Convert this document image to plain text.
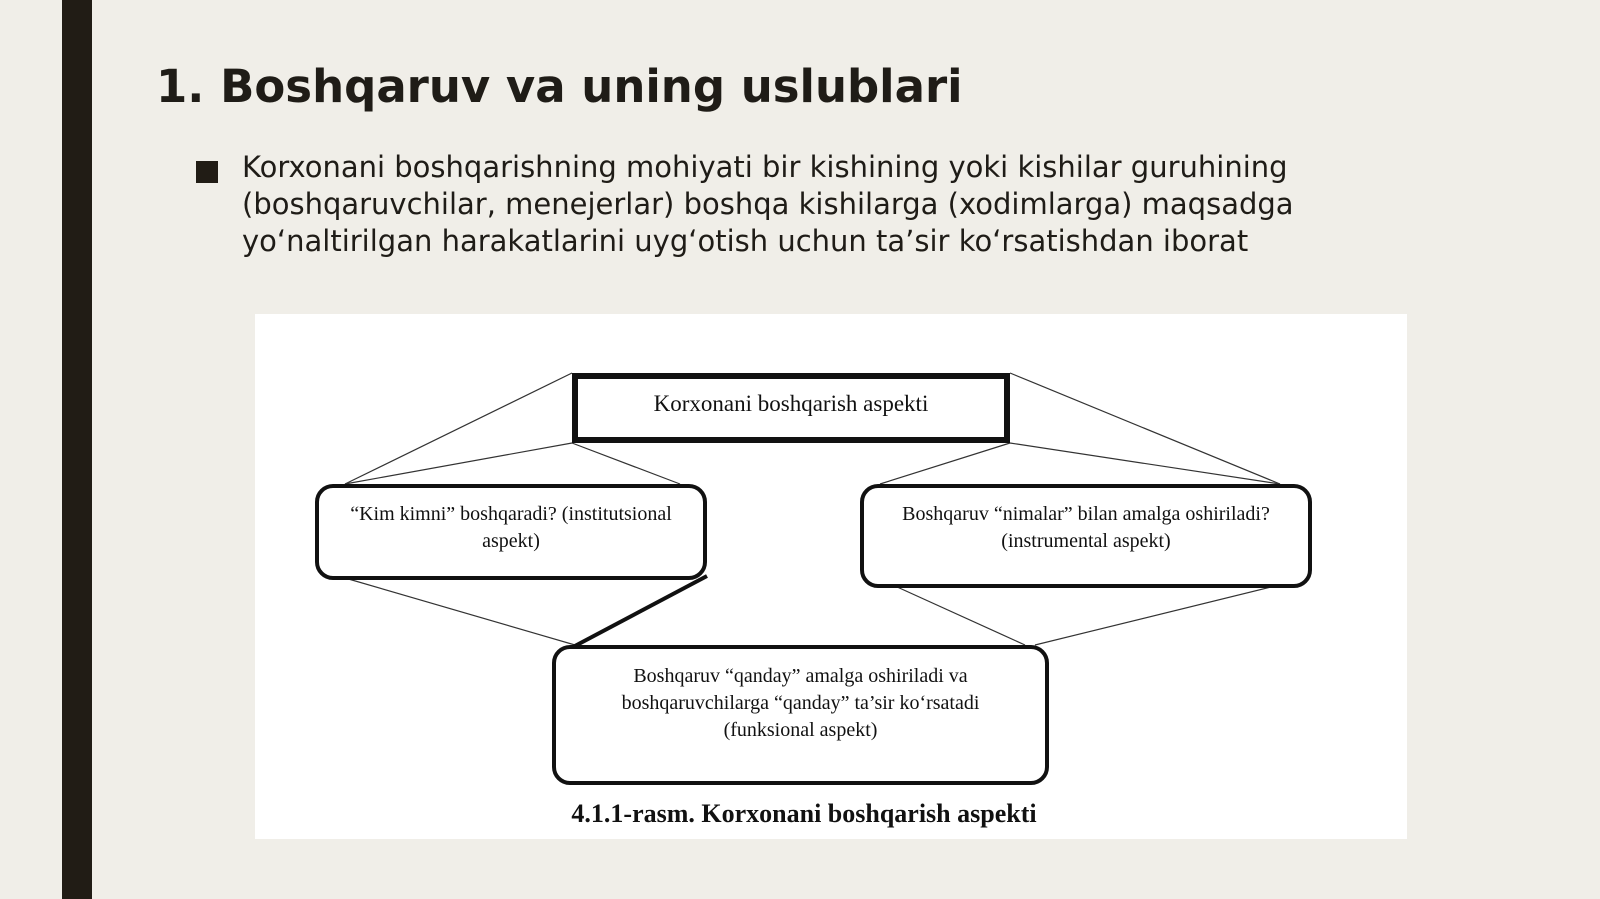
1. Boshqaruv va uning uslublari
Korxonani boshqarishning mohiyati bir kishining yoki kishilar guruhining (boshqaruvchilar, menejerlar) boshqa kishilarga (xodimlarga) maqsadga yo‘naltirilgan harakatlarini uyg‘otish uchun ta’sir ko‘rsatishdan iborat
Korxonani boshqarish aspekti
“Kim kimni” boshqaradi? (institutsional aspekt)
Boshqaruv “nimalar” bilan amalga oshiriladi? (instrumental aspekt)
Boshqaruv “qanday” amalga oshiriladi va boshqaruvchilarga “qanday” ta’sir ko‘rsatadi (funksional aspekt)
4.1.1-rasm. Korxonani boshqarish aspekti
